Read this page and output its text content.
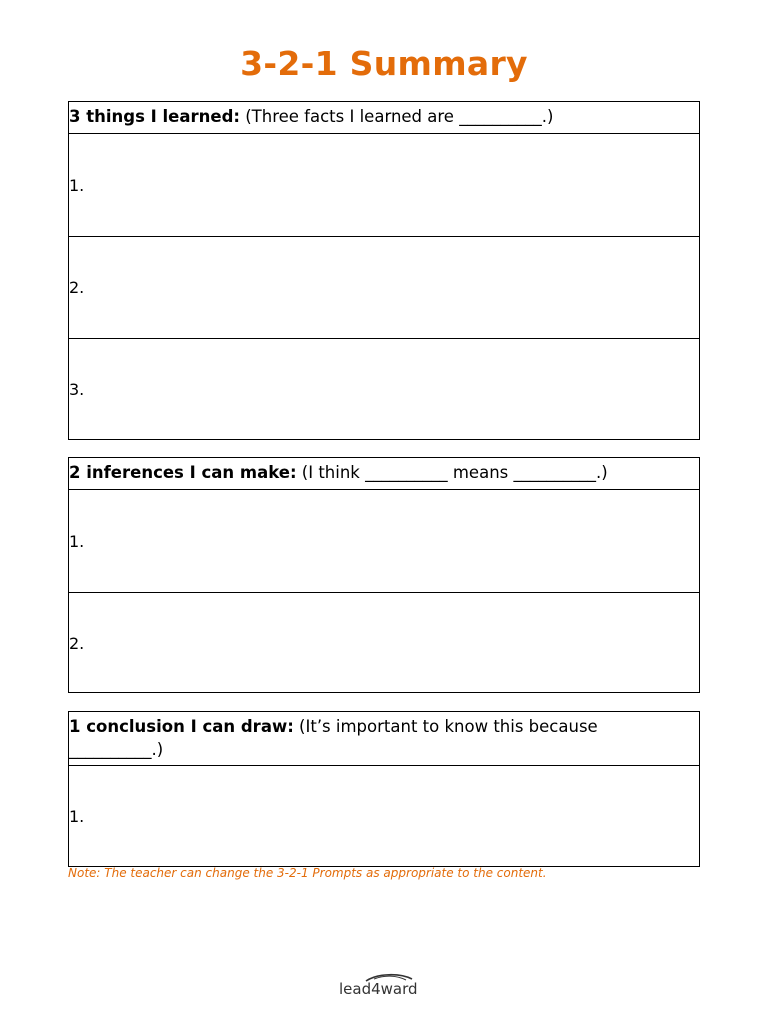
3-2-1 Summary
3 things I learned: (Three facts I learned are __________.)
1.
2.
3.
2 inferences I can make: (I think __________ means __________.)
1.
2.
1 conclusion I can draw: (It’s important to know this because __________.)
1.
Note: The teacher can change the 3-2-1 Prompts as appropriate to the content.
lead4ward
